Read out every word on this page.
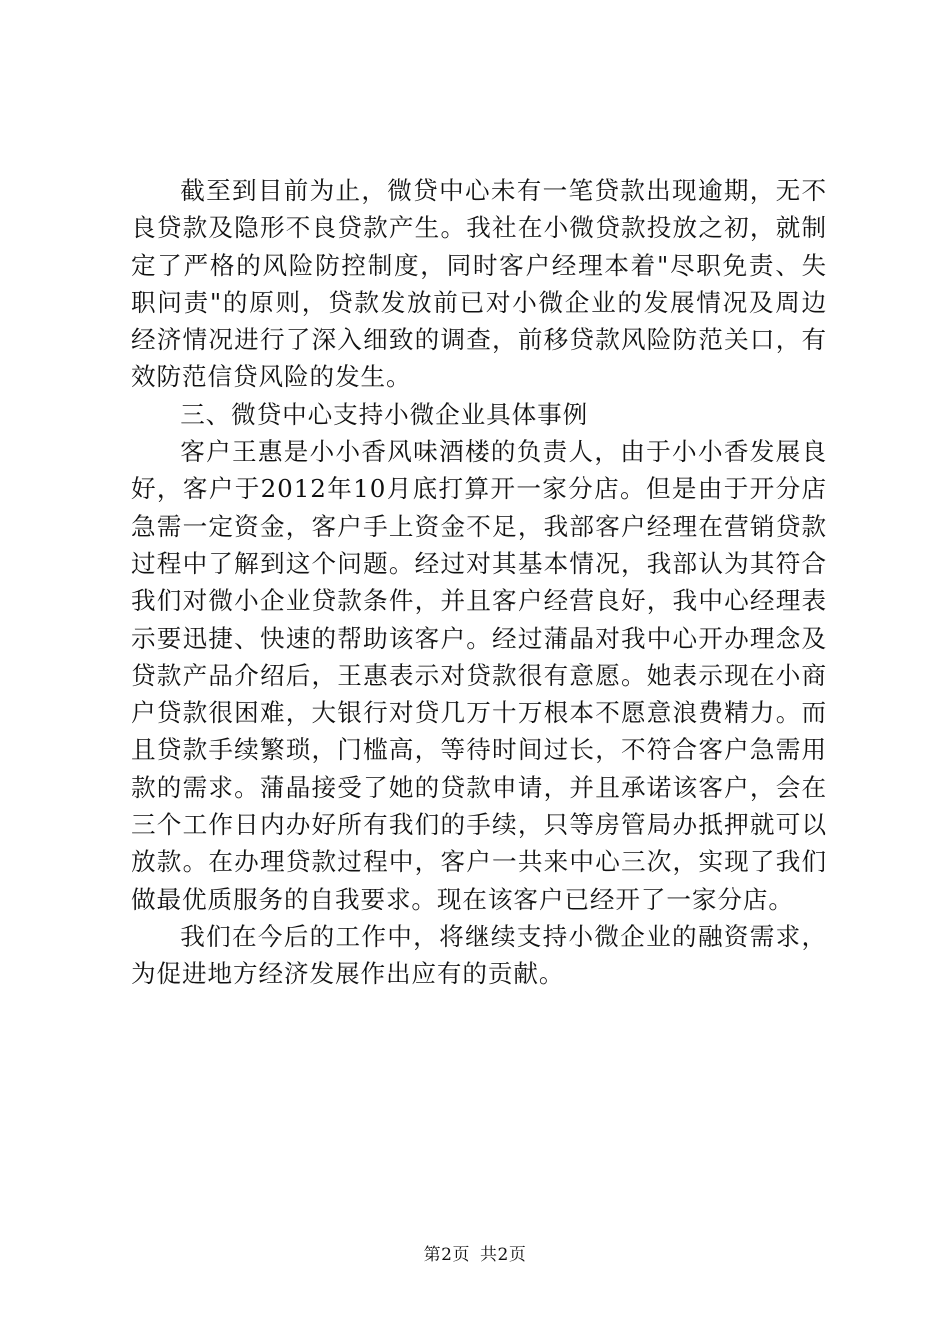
截至到目前为止，微贷中心未有一笔贷款出现逾期，无不良贷款及隐形不良贷款产生。我社在小微贷款投放之初，就制定了严格的风险防控制度，同时客户经理本着"尽职免责、失职问责"的原则，贷款发放前已对小微企业的发展情况及周边经济情况进行了深入细致的调查，前移贷款风险防范关口，有效防范信贷风险的发生。

三、微贷中心支持小微企业具体事例

客户王惠是小小香风味酒楼的负责人，由于小小香发展良好，客户于2012年10月底打算开一家分店。但是由于开分店急需一定资金，客户手上资金不足，我部客户经理在营销贷款过程中了解到这个问题。经过对其基本情况，我部认为其符合我们对微小企业贷款条件，并且客户经营良好，我中心经理表示要迅捷、快速的帮助该客户。经过蒲晶对我中心开办理念及贷款产品介绍后，王惠表示对贷款很有意愿。她表示现在小商户贷款很困难，大银行对贷几万十万根本不愿意浪费精力。而且贷款手续繁琐，门槛高，等待时间过长，不符合客户急需用款的需求。蒲晶接受了她的贷款申请，并且承诺该客户，会在三个工作日内办好所有我们的手续，只等房管局办抵押就可以放款。在办理贷款过程中，客户一共来中心三次，实现了我们做最优质服务的自我要求。现在该客户已经开了一家分店。

我们在今后的工作中，将继续支持小微企业的融资需求，为促进地方经济发展作出应有的贡献。

第2页 共2页
